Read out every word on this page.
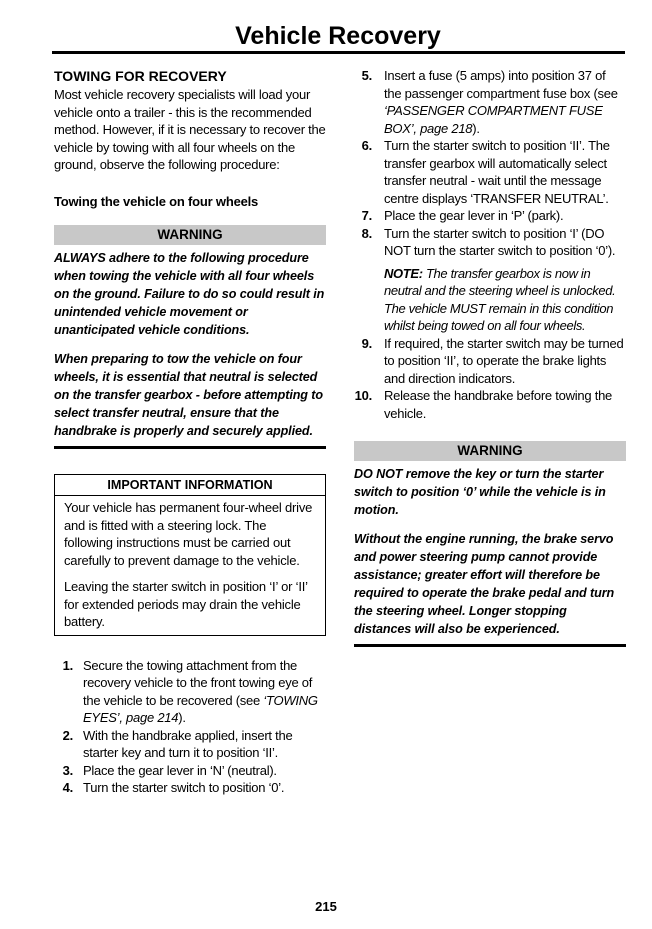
Vehicle Recovery
TOWING FOR RECOVERY

Most vehicle recovery specialists will load your vehicle onto a trailer - this is the recommended method. However, if it is necessary to recover the vehicle by towing with all four wheels on the ground, observe the following procedure:

Towing the vehicle on four wheels

WARNING

ALWAYS adhere to the following procedure when towing the vehicle with all four wheels on the ground. Failure to do so could result in unintended vehicle movement or unanticipated vehicle conditions.

When preparing to tow the vehicle on four wheels, it is essential that neutral is selected on the transfer gearbox - before attempting to select transfer neutral, ensure that the handbrake is properly and securely applied.

IMPORTANT INFORMATION

Your vehicle has permanent four-wheel drive and is fitted with a steering lock. The following instructions must be carried out carefully to prevent damage to the vehicle.

Leaving the starter switch in position ‘I’ or ‘II’ for extended periods may drain the vehicle battery.

1. Secure the towing attachment from the recovery vehicle to the front towing eye of the vehicle to be recovered (see ‘TOWING EYES’, page 214).
2. With the handbrake applied, insert the starter key and turn it to position ‘II’.
3. Place the gear lever in ‘N’ (neutral).
4. Turn the starter switch to position ‘0’.
5. Insert a fuse (5 amps) into position 37 of the passenger compartment fuse box (see ‘PASSENGER COMPARTMENT FUSE BOX’, page 218).
6. Turn the starter switch to position ‘II’. The transfer gearbox will automatically select transfer neutral - wait until the message centre displays ‘TRANSFER NEUTRAL’.
7. Place the gear lever in ‘P’ (park).
8. Turn the starter switch to position ‘I’ (DO NOT turn the starter switch to position ‘0’).

NOTE: The transfer gearbox is now in neutral and the steering wheel is unlocked. The vehicle MUST remain in this condition whilst being towed on all four wheels.

9. If required, the starter switch may be turned to position ‘II’, to operate the brake lights and direction indicators.
10. Release the handbrake before towing the vehicle.
WARNING

DO NOT remove the key or turn the starter switch to position ‘0’ while the vehicle is in motion.

Without the engine running, the brake servo and power steering pump cannot provide assistance; greater effort will therefore be required to operate the brake pedal and turn the steering wheel. Longer stopping distances will also be experienced.

215
